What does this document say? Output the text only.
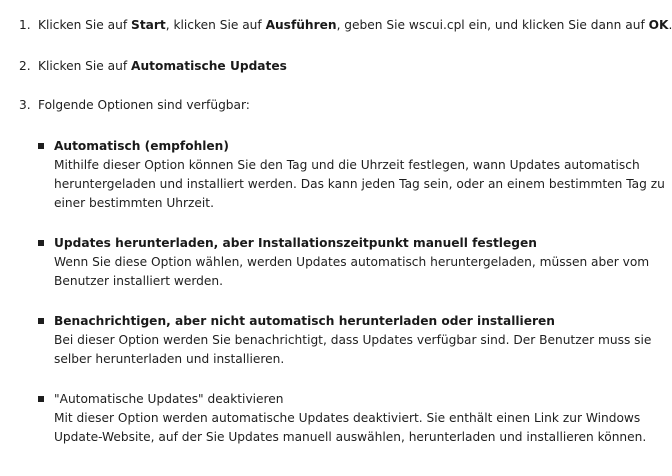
1. Klicken Sie auf Start, klicken Sie auf Ausführen, geben Sie wscui.cpl ein, und klicken Sie dann auf OK.
2. Klicken Sie auf Automatische Updates
3. Folgende Optionen sind verfügbar:
Automatisch (empfohlen)
Mithilfe dieser Option können Sie den Tag und die Uhrzeit festlegen, wann Updates automatisch
heruntergeladen und installiert werden. Das kann jeden Tag sein, oder an einem bestimmten Tag zu
einer bestimmten Uhrzeit.
Updates herunterladen, aber Installationszeitpunkt manuell festlegen
Wenn Sie diese Option wählen, werden Updates automatisch heruntergeladen, müssen aber vom
Benutzer installiert werden.
Benachrichtigen, aber nicht automatisch herunterladen oder installieren
Bei dieser Option werden Sie benachrichtigt, dass Updates verfügbar sind. Der Benutzer muss sie
selber herunterladen und installieren.
"Automatische Updates" deaktivieren
Mit dieser Option werden automatische Updates deaktiviert. Sie enthält einen Link zur Windows
Update-Website, auf der Sie Updates manuell auswählen, herunterladen und installieren können.
